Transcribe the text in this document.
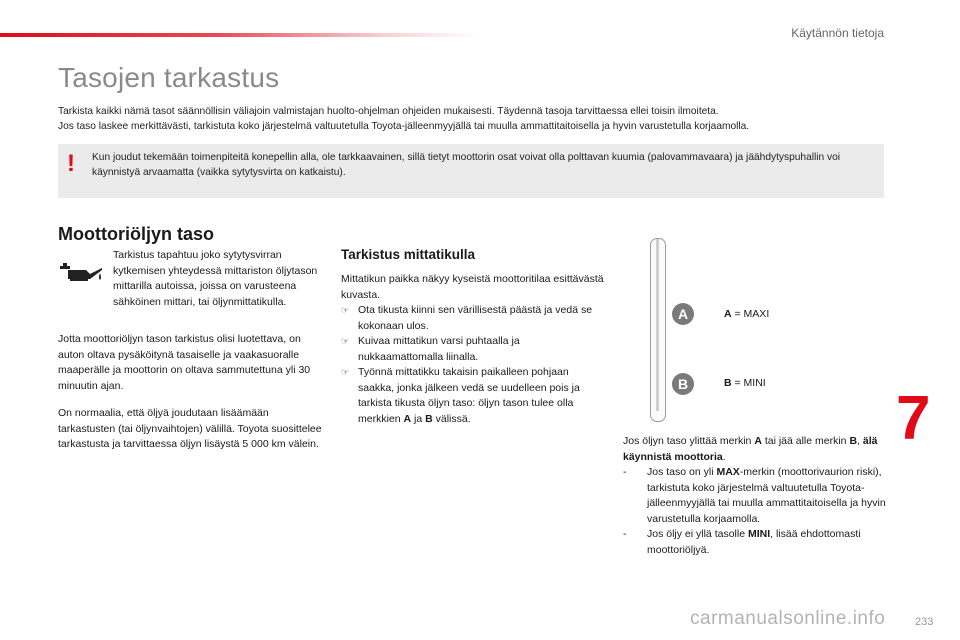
Käytännön tietoja
Tasojen tarkastus
Tarkista kaikki nämä tasot säännöllisin väliajoin valmistajan huolto-ohjelman ohjeiden mukaisesti. Täydennä tasoja tarvittaessa ellei toisin ilmoiteta.
Jos taso laskee merkittävästi, tarkistuta koko järjestelmä valtuutetulla Toyota-jälleenmyyjällä tai muulla ammattitaitoisella ja hyvin varustetulla korjaamolla.
! Kun joudut tekemään toimenpiteitä konepellin alla, ole tarkkaavainen, sillä tietyt moottorin osat voivat olla polttavan kuumia (palovammavaara) ja jäähdytyspuhallin voi käynnistyä arvaamatta (vaikka sytytysvirta on katkaistu).
Moottoriöljyn taso
Tarkistus tapahtuu joko sytytysvirran kytkemisen yhteydessä mittariston öljytason mittarilla autoissa, joissa on varusteena sähköinen mittari, tai öljynmittatikulla.
Jotta moottoriöljyn tason tarkistus olisi luotettava, on auton oltava pysäköitynä tasaiselle ja vaakasuoralle maaperälle ja moottorin on oltava sammutettuna yli 30 minuutin ajan.
On normaalia, että öljyä joudutaan lisäämään tarkastusten (tai öljynvaihtojen) välillä. Toyota suosittelee tarkastusta ja tarvittaessa öljyn lisäystä 5 000 km välein.
Tarkistus mittatikulla
Mittatikun paikka näkyy kyseistä moottoritilaa esittävästä kuvasta.
☞ Ota tikusta kiinni sen värillisestä päästä ja vedä se kokonaan ulos.
☞ Kuivaa mittatikun varsi puhtaalla ja nukkaamattomalla liinalla.
☞ Työnnä mittatikku takaisin paikalleen pohjaan saakka, jonka jälkeen vedä se uudelleen pois ja tarkista tikusta öljyn taso: öljyn tason tulee olla merkkien A ja B välissä.
A
B
A = MAXI
B = MINI
Jos öljyn taso ylittää merkin A tai jää alle merkin B, älä käynnistä moottoria.
- Jos taso on yli MAX-merkin (moottorivaurion riski), tarkistuta koko järjestelmä valtuutetulla Toyota-jälleenmyyjällä tai muulla ammattitaitoisella ja hyvin varustetulla korjaamolla.
- Jos öljy ei yllä tasolle MINI, lisää ehdottomasti moottoriöljyä.
7
carmanualsonline.info	233
